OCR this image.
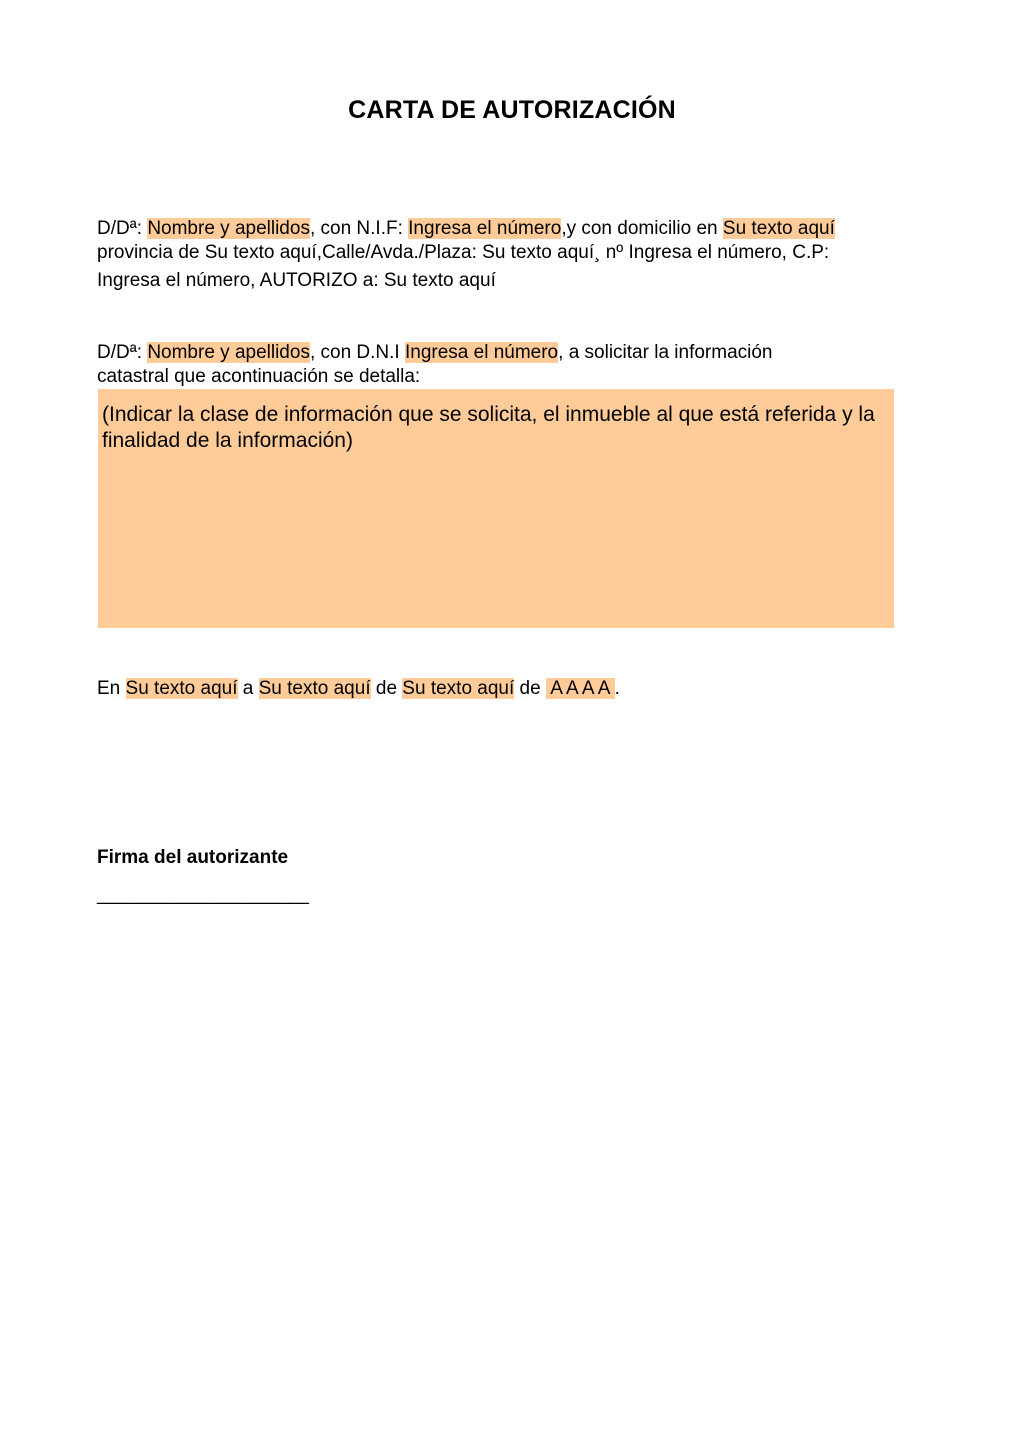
CARTA DE AUTORIZACIÓN
D/Dª: Nombre y apellidos, con N.I.F: Ingresa el número,y con domicilio en Su texto aquí
provincia de Su texto aquí,Calle/Avda./Plaza: Su texto aquí¸ nº Ingresa el número, C.P:
Ingresa el número, AUTORIZO a: Su texto aquí
D/Dª: Nombre y apellidos, con D.N.I Ingresa el número, a solicitar la información
catastral que acontinuación se detalla:
(Indicar la clase de información que se solicita, el inmueble al que está referida y la finalidad de la información)
En Su texto aquí a Su texto aquí de Su texto aquí de  A A A A .
Firma del autorizante
_____________________
